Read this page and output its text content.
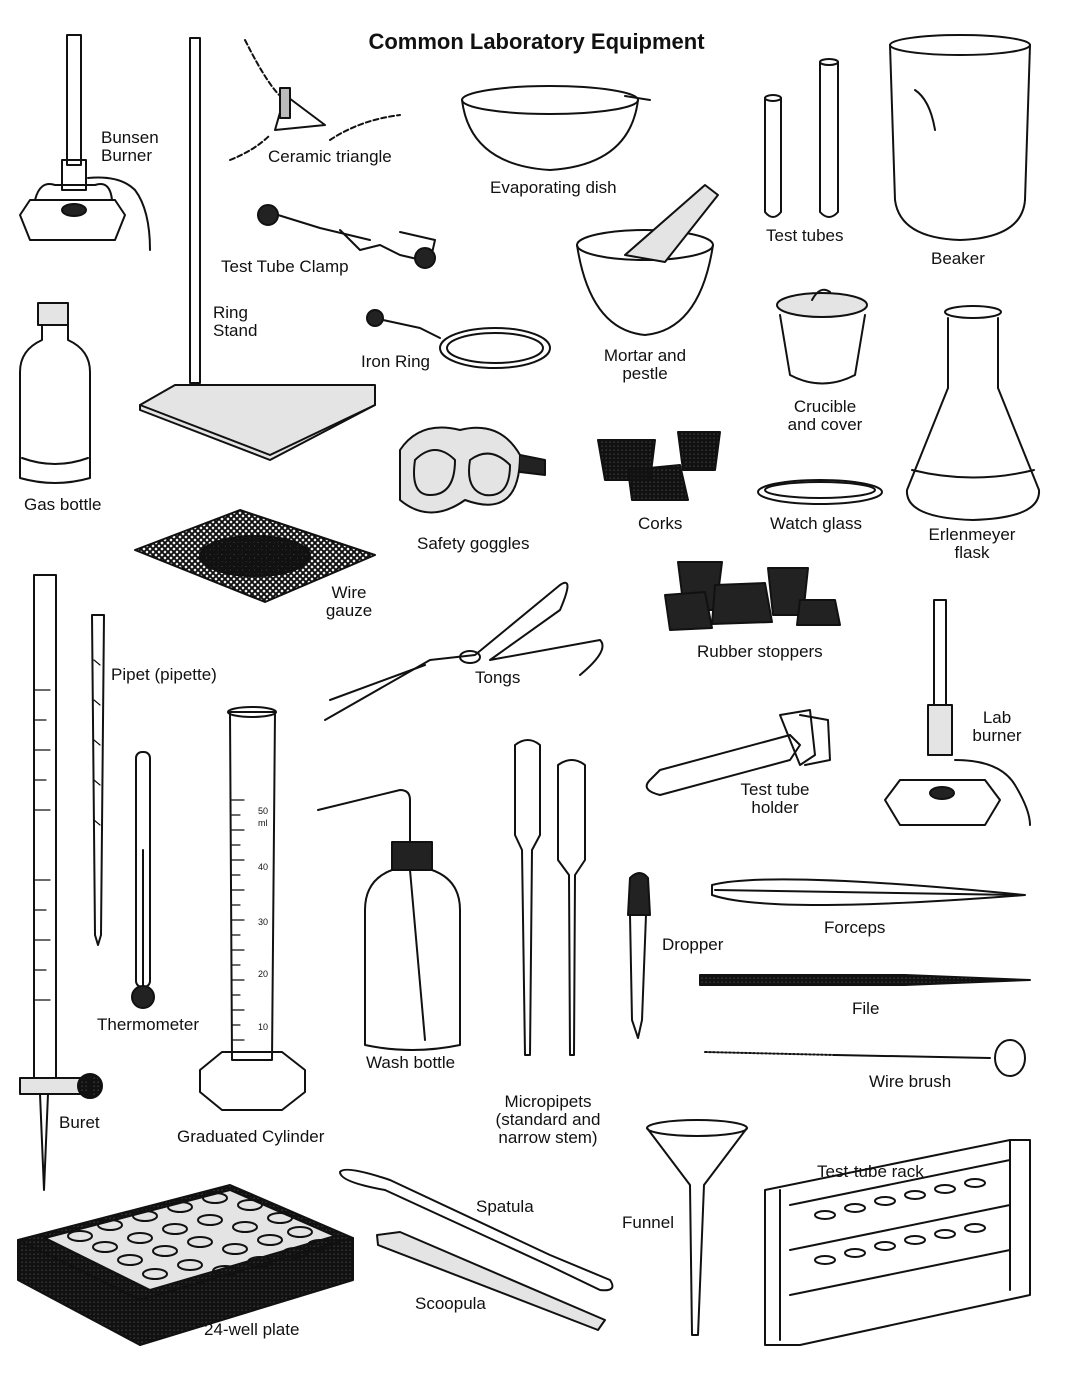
50
ml
40
30
20
10
Common Laboratory Equipment
Bunsen
Burner	Ceramic triangle
Evaporating dish
Test tubes
Beaker
Test Tube Clamp
Ring
Stand
Iron Ring	Mortar and
pestle
Crucible
and cover
Gas bottle
Safety goggles
Corks	Watch glass
Erlenmeyer
flask
Wire
gauze
Rubber stoppers
Pipet (pipette)	Tongs
Lab
burner
Test tube
holder
Thermometer
Forceps
Dropper
File
Wash bottle
Wire brush
Buret
Graduated Cylinder
Micropipets
(standard and
narrow stem)
Test-tube rack
Spatula
Funnel
Scoopula
24-well plate
